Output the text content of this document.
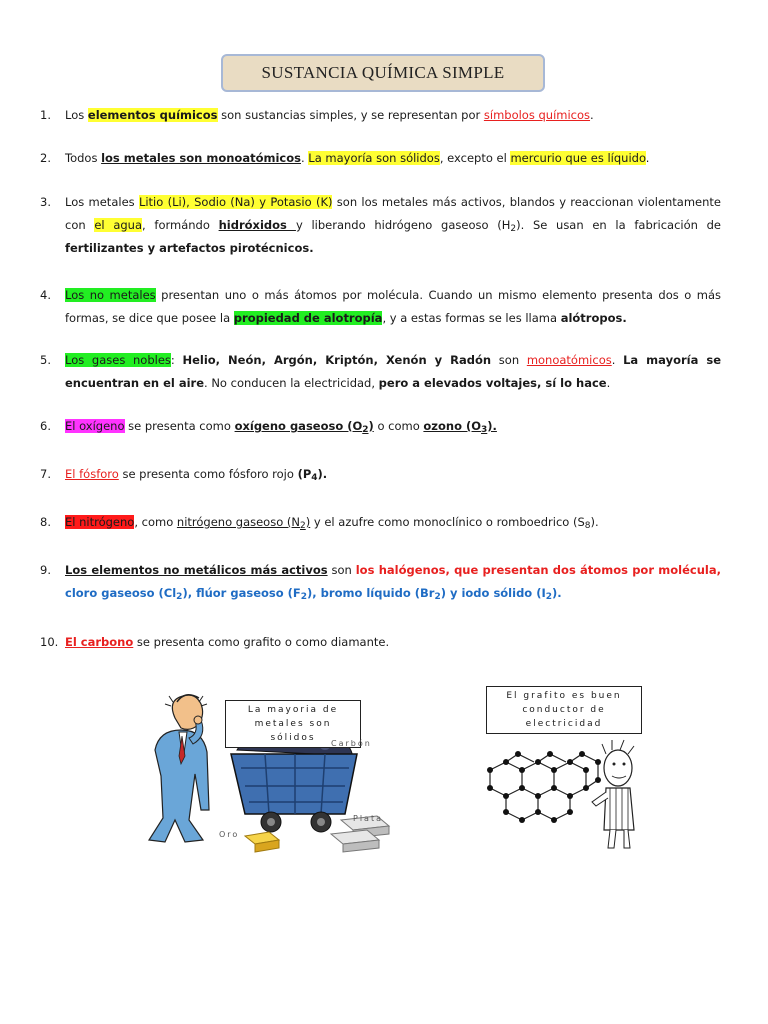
SUSTANCIA QUÍMICA SIMPLE
1.	Los elementos químicos son sustancias simples, y se representan por símbolos químicos.
2.	Todos los metales son monoatómicos. La mayoría son sólidos, excepto el mercurio que es líquido.
3.	Los metales Litio (Li), Sodio (Na) y Potasio (K) son los metales más activos, blandos y reaccionan violentamente con el agua, formándo hidróxidos y liberando hidrógeno gaseoso $(H_2)$. Se usan en la fabricación de fertilizantes y artefactos pirotécnicos.
4.	Los no metales presentan uno o más átomos por molécula. Cuando un mismo elemento presenta dos o más formas, se dice que posee la propiedad de alotropía, y a estas formas se les llama alótropos.
5.	Los gases nobles: Helio, Neón, Argón, Kriptón, Xenón y Radón son monoatómicos. La mayoría se encuentran en el aire. No conducen la electricidad, pero a elevados voltajes, sí lo hace.
6.	El oxígeno se presenta como oxígeno gaseoso $(O_2)$ o como ozono $(O_3)$.
7.	El fósforo se presenta como fósforo rojo $(P_4)$.
8.	El nitrógeno, como nitrógeno gaseoso $(N_2)$ y el azufre como monoclínico o romboedrico $(S_8)$.
9.	Los elementos no metálicos más activos son los halógenos, que presentan dos átomos por molécula, cloro gaseoso $(Cl_2)$, flúor gaseoso $(F_2)$, bromo líquido $(Br_2)$ y iodo sólido $(I_2)$.
10. El carbono se presenta como grafito o como diamante.
La mayoria de metales son sólidos
Carbón
Plata
Oro
El grafito es buen conductor de electricidad
